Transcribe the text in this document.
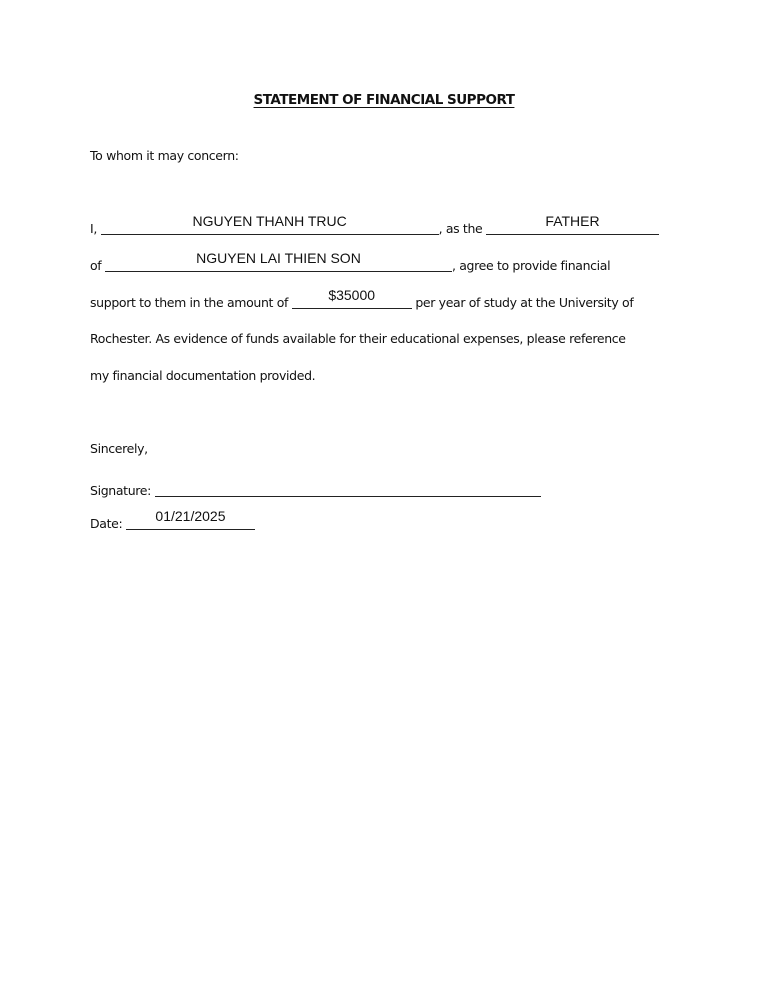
STATEMENT OF FINANCIAL SUPPORT
To whom it may concern:
I,	NGUYEN THANH TRUC	, as the	FATHER
of	NGUYEN LAI THIEN SON	, agree to provide financial
support to them in the amount of	$35000	per year of study at the University of
Rochester. As evidence of funds available for their educational expenses, please reference
my financial documentation provided.
Sincerely,
Signature:
Date:	01/21/2025
